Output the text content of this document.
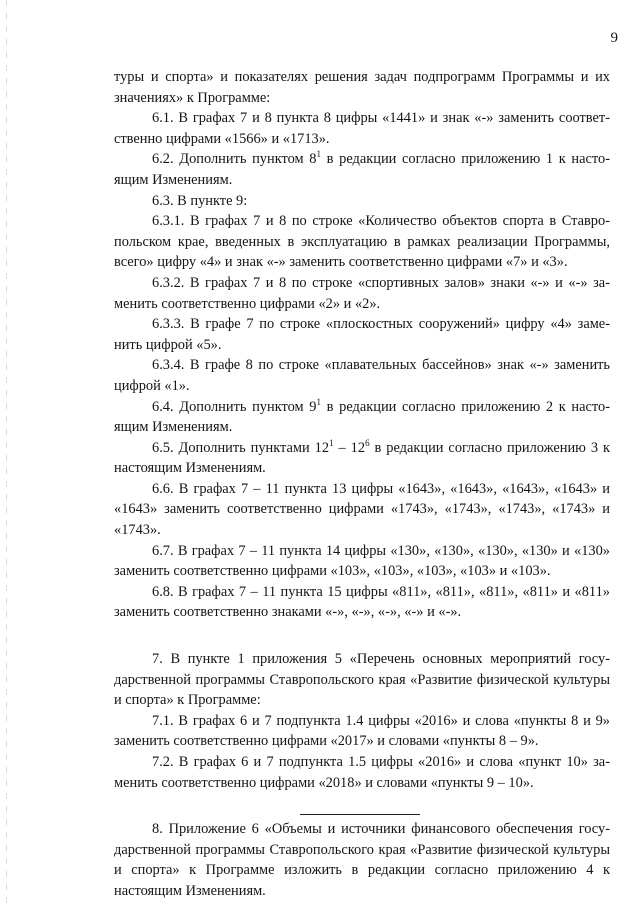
9

туры и спорта» и показателях решения задач подпрограмм Программы и их значениях» к Программе:

6.1. В графах 7 и 8 пункта 8 цифры «1441» и знак «-» заменить соответственно цифрами «1566» и «1713».

6.2. Дополнить пунктом $8^1$ в редакции согласно приложению 1 к настоящим Изменениям.

6.3. В пункте 9:

6.3.1. В графах 7 и 8 по строке «Количество объектов спорта в Ставропольском крае, введенных в эксплуатацию в рамках реализации Программы, всего» цифру «4» и знак «-» заменить соответственно цифрами «7» и «3».

6.3.2. В графах 7 и 8 по строке «спортивных залов» знаки «-» и «-» заменить соответственно цифрами «2» и «2».

6.3.3. В графе 7 по строке «плоскостных сооружений» цифру «4» заменить цифрой «5».

6.3.4. В графе 8 по строке «плавательных бассейнов» знак «-» заменить цифрой «1».

6.4. Дополнить пунктом $9^1$ в редакции согласно приложению 2 к настоящим Изменениям.

6.5. Дополнить пунктами $12^1 - 12^6$ в редакции согласно приложению 3 к настоящим Изменениям.

6.6. В графах 7 – 11 пункта 13 цифры «1643», «1643», «1643», «1643» и «1643» заменить соответственно цифрами «1743», «1743», «1743», «1743» и «1743».

6.7. В графах 7 – 11 пункта 14 цифры «130», «130», «130», «130» и «130» заменить соответственно цифрами «103», «103», «103», «103» и «103».

6.8. В графах 7 – 11 пункта 15 цифры «811», «811», «811», «811» и «811» заменить соответственно знаками «-», «-», «-», «-» и «-».

7. В пункте 1 приложения 5 «Перечень основных мероприятий государственной программы Ставропольского края «Развитие физической культуры и спорта» к Программе:

7.1. В графах 6 и 7 подпункта 1.4 цифры «2016» и слова «пункты 8 и 9» заменить соответственно цифрами «2017» и словами «пункты 8 – 9».

7.2. В графах 6 и 7 подпункта 1.5 цифры «2016» и слова «пункт 10» заменить соответственно цифрами «2018» и словами «пункты 9 – 10».

8. Приложение 6 «Объемы и источники финансового обеспечения государственной программы Ставропольского края «Развитие физической культуры и спорта» к Программе изложить в редакции согласно приложению 4 к настоящим Изменениям.
